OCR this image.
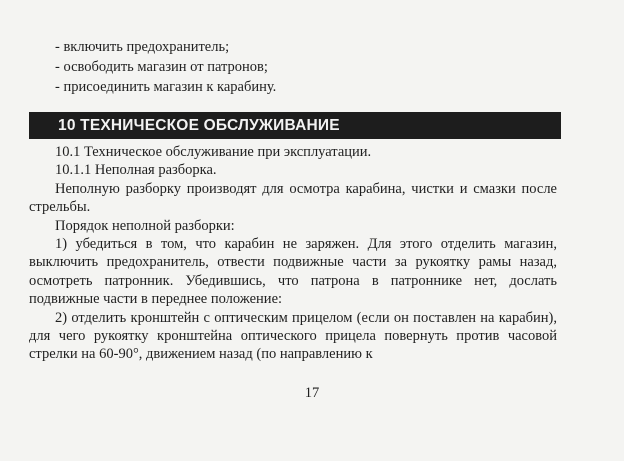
- включить предохранитель;
- освободить магазин от патронов;
- присоединить магазин к карабину.
10 ТЕХНИЧЕСКОЕ ОБСЛУЖИВАНИЕ

10.1 Техническое обслуживание при эксплуатации.

10.1.1 Неполная разборка.

Неполную разборку производят для осмотра карабина, чистки и смазки после стрельбы.

Порядок неполной разборки:

1) убедиться в том, что карабин не заряжен. Для этого отделить магазин, выключить предохранитель, отвести подвижные части за рукоятку рамы назад, осмотреть патронник. Убедившись, что патрона в патроннике нет, дослать подвижные части в переднее положение:

2) отделить кронштейн с оптическим прицелом (если он поставлен на карабин), для чего рукоятку кронштейна оптического прицела повернуть против часовой стрелки на 60-90°, движением назад (по направлению к

17
